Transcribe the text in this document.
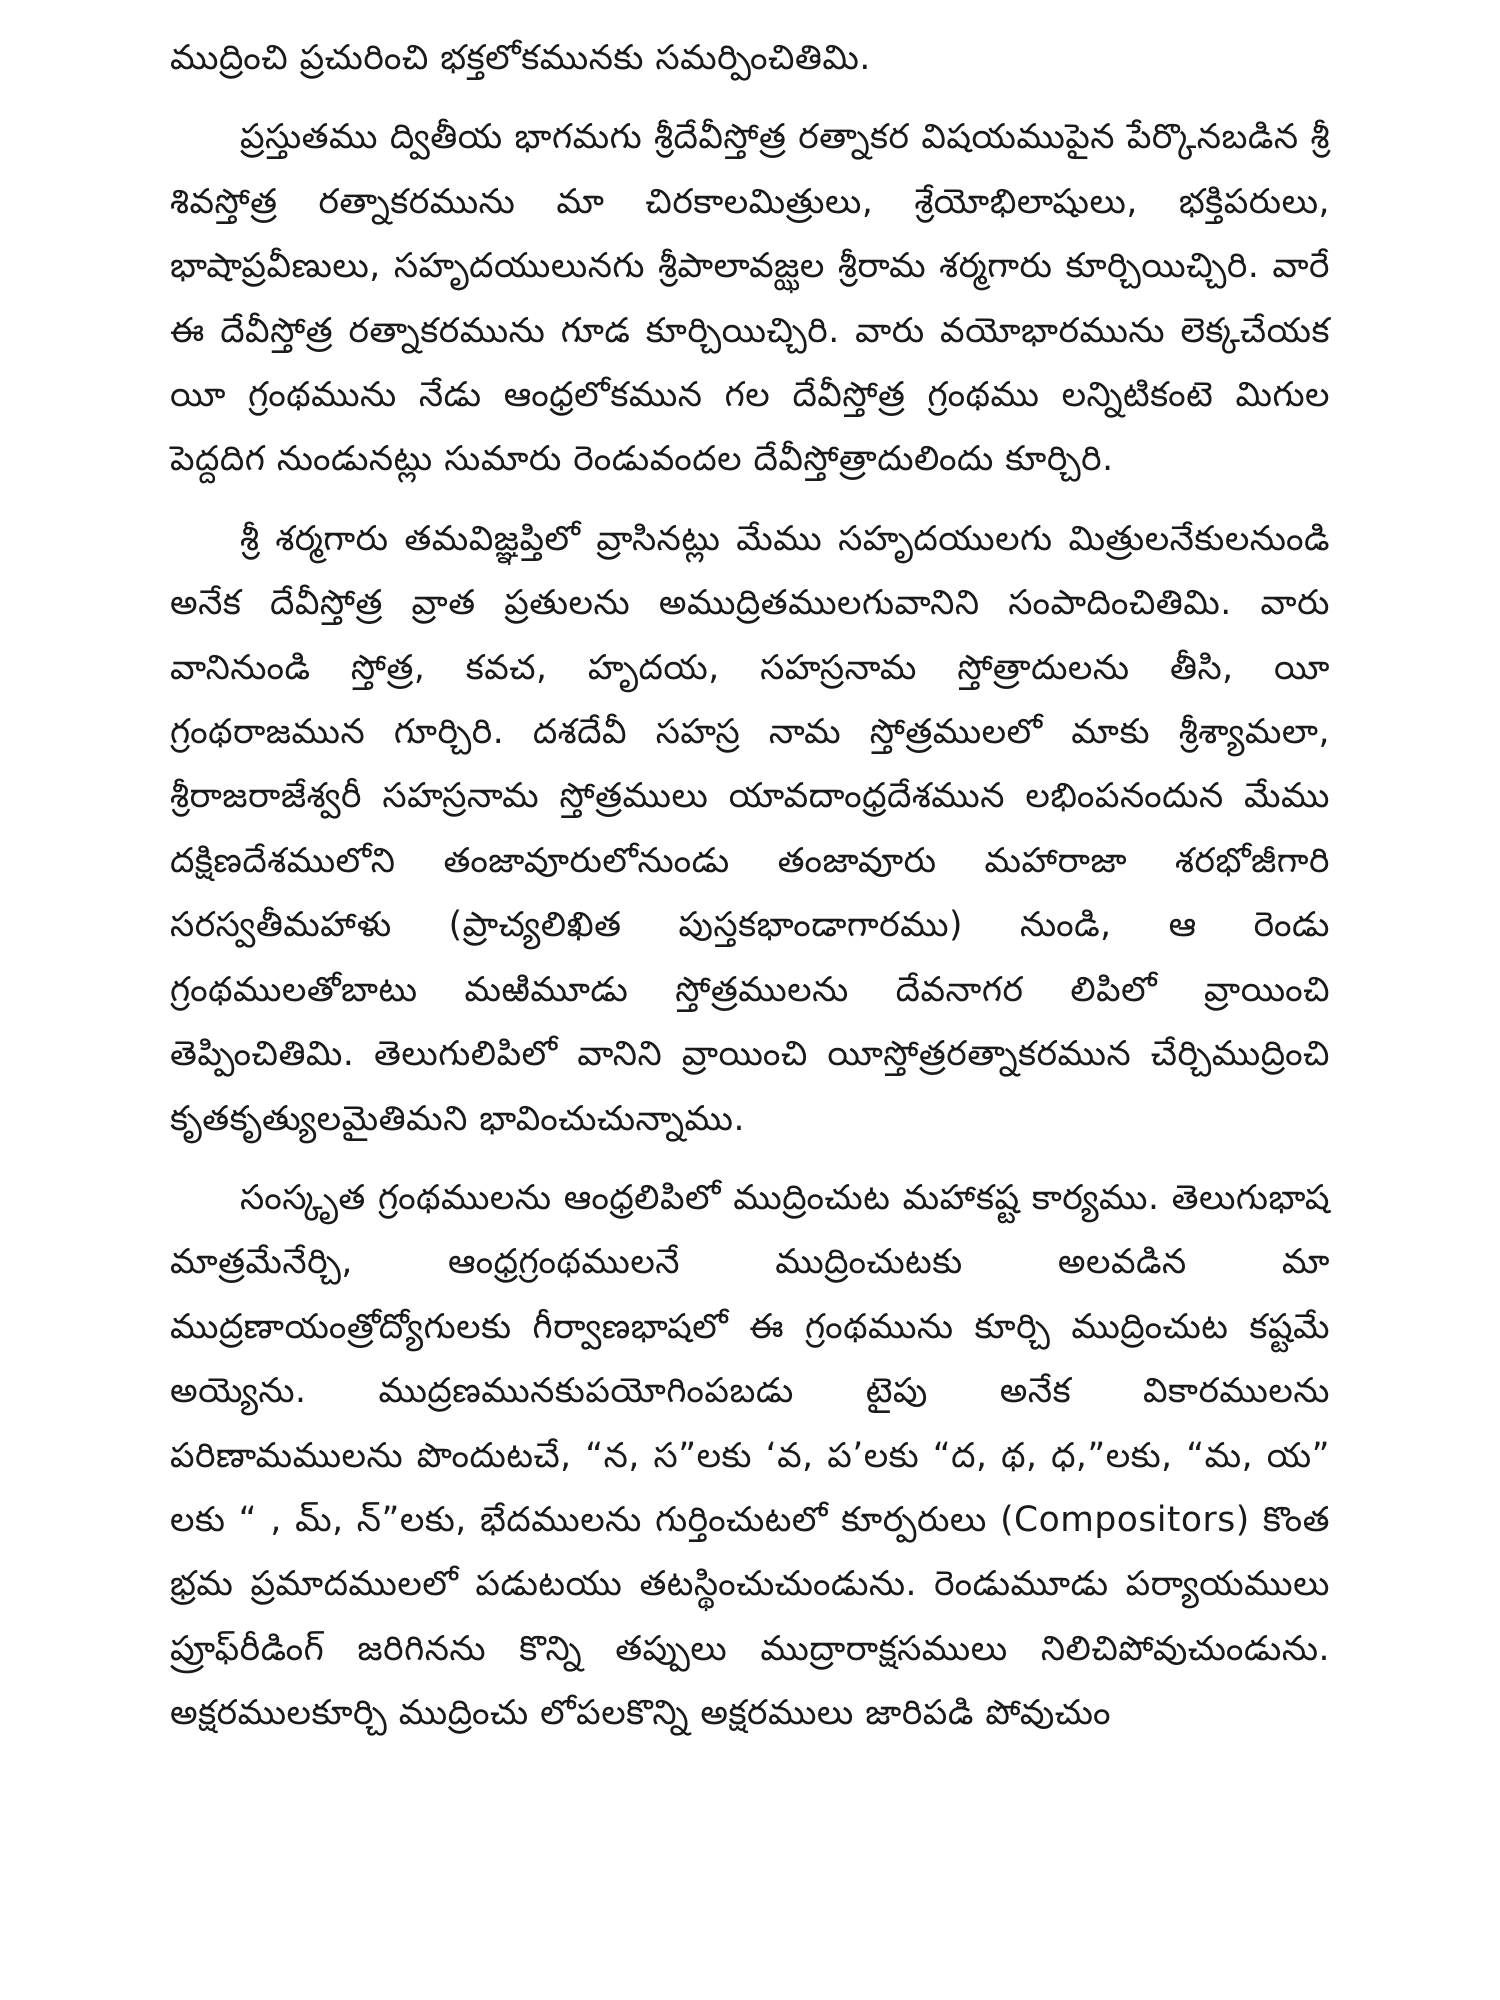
ముద్రించి ప్రచురించి భక్తలోకమునకు సమర్పించితిమి.

ప్రస్తుతము ద్వితీయ భాగమగు శ్రీదేవీస్తోత్ర రత్నాకర విషయముపైన పేర్కొనబడిన శ్రీ శివస్తోత్ర రత్నాకరమును మా చిరకాలమిత్రులు, శ్రేయోభిలాషులు, భక్తిపరులు, భాషాప్రవీణులు, సహృదయులునగు శ్రీపాలావజ్ఝల శ్రీరామ శర్మగారు కూర్చియిచ్చిరి. వారే ఈ దేవీస్తోత్ర రత్నాకరమును గూడ కూర్చియిచ్చిరి. వారు వయోభారమును లెక్కచేయక యీ గ్రంథమును నేడు ఆంధ్రలోకమున గల దేవీస్తోత్ర గ్రంథము లన్నిటికంటె మిగుల పెద్దదిగ నుండునట్లు సుమారు రెండువందల దేవీస్తోత్రాదులిందు కూర్చిరి.

శ్రీ శర్మగారు తమవిజ్ఞప్తిలో వ్రాసినట్లు మేము సహృదయులగు మిత్రులనేకులనుండి అనేక దేవీస్తోత్ర వ్రాత ప్రతులను అముద్రితములగువానిని సంపాదించితిమి. వారు వానినుండి స్తోత్ర, కవచ, హృదయ, సహస్రనామ స్తోత్రాదులను తీసి, యీ గ్రంథరాజమున గూర్చిరి. దశదేవీ సహస్ర నామ స్తోత్రములలో మాకు శ్రీశ్యామలా, శ్రీరాజరాజేశ్వరీ సహస్రనామ స్తోత్రములు యావదాంధ్రదేశమున లభింపనందున మేము దక్షిణదేశములోని తంజావూరులోనుండు తంజావూరు మహారాజా శరభోజీగారి సరస్వతీమహాళు (ప్రాచ్యలిఖిత పుస్తకభాండాగారము) నుండి, ఆ రెండు గ్రంథములతోబాటు మఱిమూడు స్తోత్రములను దేవనాగర లిపిలో వ్రాయించి తెప్పించితిమి. తెలుగులిపిలో వానిని వ్రాయించి యీస్తోత్రరత్నాకరమున చేర్చిముద్రించి కృతకృత్యులమైతిమని భావించుచున్నాము.

సంస్కృత గ్రంథములను ఆంధ్రలిపిలో ముద్రించుట మహాకష్ట కార్యము. తెలుగుభాష మాత్రమేనేర్చి, ఆంధ్రగ్రంథములనే ముద్రించుటకు అలవడిన మా ముద్రణాయంత్రోద్యోగులకు గీర్వాణభాషలో ఈ గ్రంథమును కూర్చి ముద్రించుట కష్టమే అయ్యెను. ముద్రణమునకుపయోగింపబడు టైపు అనేక వికారములను పరిణామములను పొందుటచే, “న, స”లకు ‘వ, ప’లకు “ద, థ, ధ,”లకు, “మ, య” లకు “ , మ్, న్”లకు, భేదములను గుర్తించుటలో కూర్పరులు (Compositors) కొంత భ్రమ ప్రమాదములలో పడుటయు తటస్థించుచుండును. రెండుమూడు పర్యాయములు ప్రూఫ్‌రీడింగ్ జరిగినను కొన్ని తప్పులు ముద్రారాక్షసములు నిలిచిపోవుచుండును. అక్షరములకూర్చి ముద్రించు లోపలకొన్ని అక్షరములు జారిపడి పోవుచుం
